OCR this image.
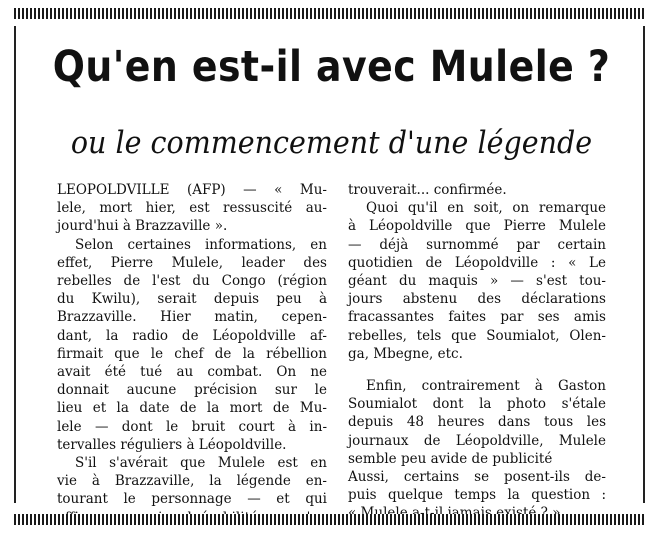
Qu'en est-il avec Mulele ?
ou le commencement d'une légende
LEOPOLDVILLE (AFP) — « Mu-
lele, mort hier, est ressuscité au-
jourd'hui à Brazzaville ».
Selon certaines informations, en
effet, Pierre Mulele, leader des
rebelles de l'est du Congo (région
du Kwilu), serait depuis peu à
Brazzaville. Hier matin, cepen-
dant, la radio de Léopoldville af-
firmait que le chef de la rébellion
avait été tué au combat. On ne
donnait aucune précision sur le
lieu et la date de la mort de Mu-
lele — dont le bruit court à in-
tervalles réguliers à Léopoldville.
S'il s'avérait que Mulele est en
vie à Brazzaville, la légende en-
tourant le personnage — et qui
trouverait... confirmée.
Quoi qu'il en soit, on remarque
à Léopoldville que Pierre Mulele
— déjà surnommé par certain
quotidien de Léopoldville : « Le
géant du maquis » — s'est tou-
jours abstenu des déclarations
fracassantes faites par ses amis
rebelles, tels que Soumialot, Olen-
ga, Mbegne, etc.
Enfin, contrairement à Gaston
Soumialot dont la photo s'étale
depuis 48 heures dans tous les
journaux de Léopoldville, Mulele
semble peu avide de publicité
Aussi, certains se posent-ils de-
puis quelque temps la question :
